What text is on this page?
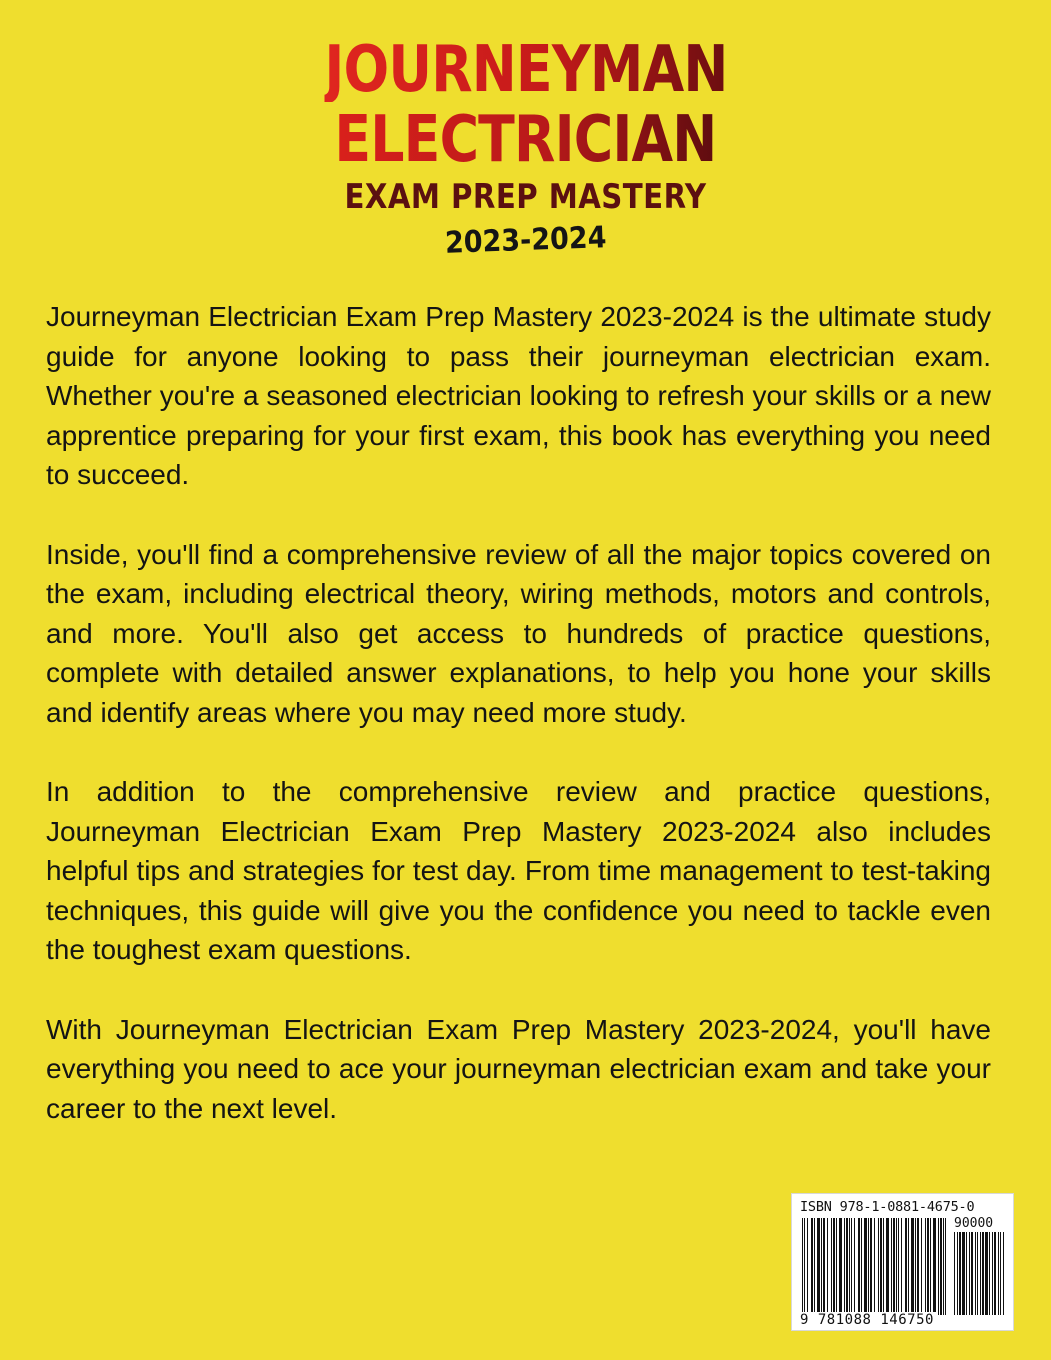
JOURNEYMAN
ELECTRICIAN
EXAM PREP MASTERY
2023-2024

Journeyman Electrician Exam Prep Mastery 2023-2024 is the ultimate study guide for anyone looking to pass their journeyman electrician exam. Whether you're a seasoned electrician looking to refresh your skills or a new apprentice preparing for your first exam, this book has everything you need to succeed.

Inside, you'll find a comprehensive review of all the major topics covered on the exam, including electrical theory, wiring methods, motors and controls, and more. You'll also get access to hundreds of practice questions, complete with detailed answer explanations, to help you hone your skills and identify areas where you may need more study.

In addition to the comprehensive review and practice questions, Journeyman Electrician Exam Prep Mastery 2023-2024 also includes helpful tips and strategies for test day. From time management to test-taking techniques, this guide will give you the confidence you need to tackle even the toughest exam questions.

With Journeyman Electrician Exam Prep Mastery 2023-2024, you'll have everything you need to ace your journeyman electrician exam and take your career to the next level.

ISBN 978-1-0881-4675-0
90000
9 781088 146750
